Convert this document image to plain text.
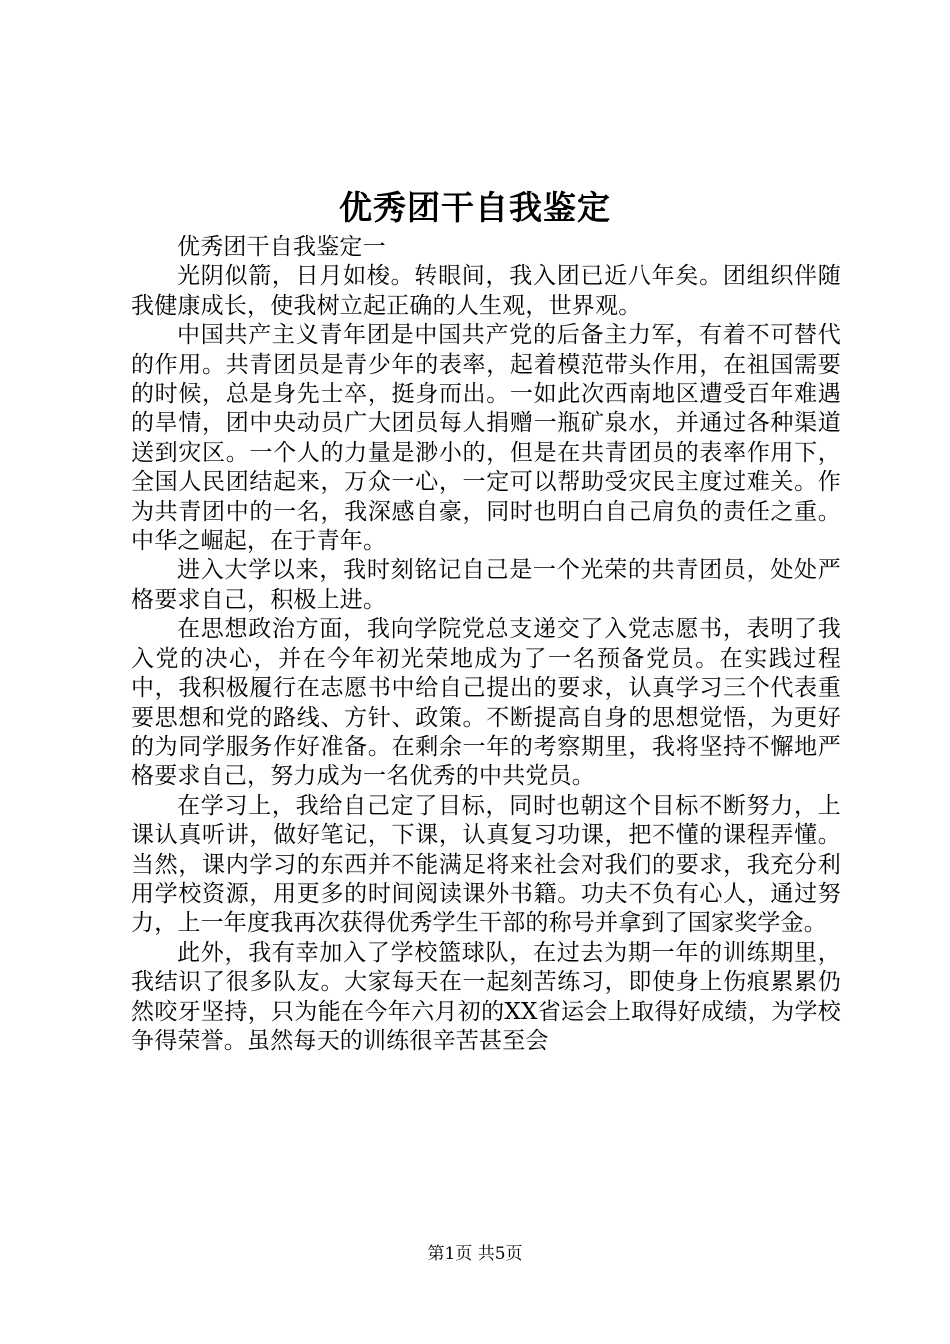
优秀团干自我鉴定

优秀团干自我鉴定一

光阴似箭，日月如梭。转眼间，我入团已近八年矣。团组织伴随我健康成长，使我树立起正确的人生观，世界观。

中国共产主义青年团是中国共产党的后备主力军，有着不可替代的作用。共青团员是青少年的表率，起着模范带头作用，在祖国需要的时候，总是身先士卒，挺身而出。一如此次西南地区遭受百年难遇的旱情，团中央动员广大团员每人捐赠一瓶矿泉水，并通过各种渠道送到灾区。一个人的力量是渺小的，但是在共青团员的表率作用下，全国人民团结起来，万众一心，一定可以帮助受灾民主度过难关。作为共青团中的一名，我深感自豪，同时也明白自己肩负的责任之重。中华之崛起，在于青年。

进入大学以来，我时刻铭记自己是一个光荣的共青团员，处处严格要求自己，积极上进。

在思想政治方面，我向学院党总支递交了入党志愿书，表明了我入党的决心，并在今年初光荣地成为了一名预备党员。在实践过程中，我积极履行在志愿书中给自己提出的要求，认真学习三个代表重要思想和党的路线、方针、政策。不断提高自身的思想觉悟，为更好的为同学服务作好准备。在剩余一年的考察期里，我将坚持不懈地严格要求自己，努力成为一名优秀的中共党员。

在学习上，我给自己定了目标，同时也朝这个目标不断努力，上课认真听讲，做好笔记，下课，认真复习功课，把不懂的课程弄懂。当然，课内学习的东西并不能满足将来社会对我们的要求，我充分利用学校资源，用更多的时间阅读课外书籍。功夫不负有心人，通过努力，上一年度我再次获得优秀学生干部的称号并拿到了国家奖学金。

此外，我有幸加入了学校篮球队，在过去为期一年的训练期里，我结识了很多队友。大家每天在一起刻苦练习，即使身上伤痕累累仍然咬牙坚持，只为能在今年六月初的XX省运会上取得好成绩，为学校争得荣誉。虽然每天的训练很辛苦甚至会

第1页 共5页
